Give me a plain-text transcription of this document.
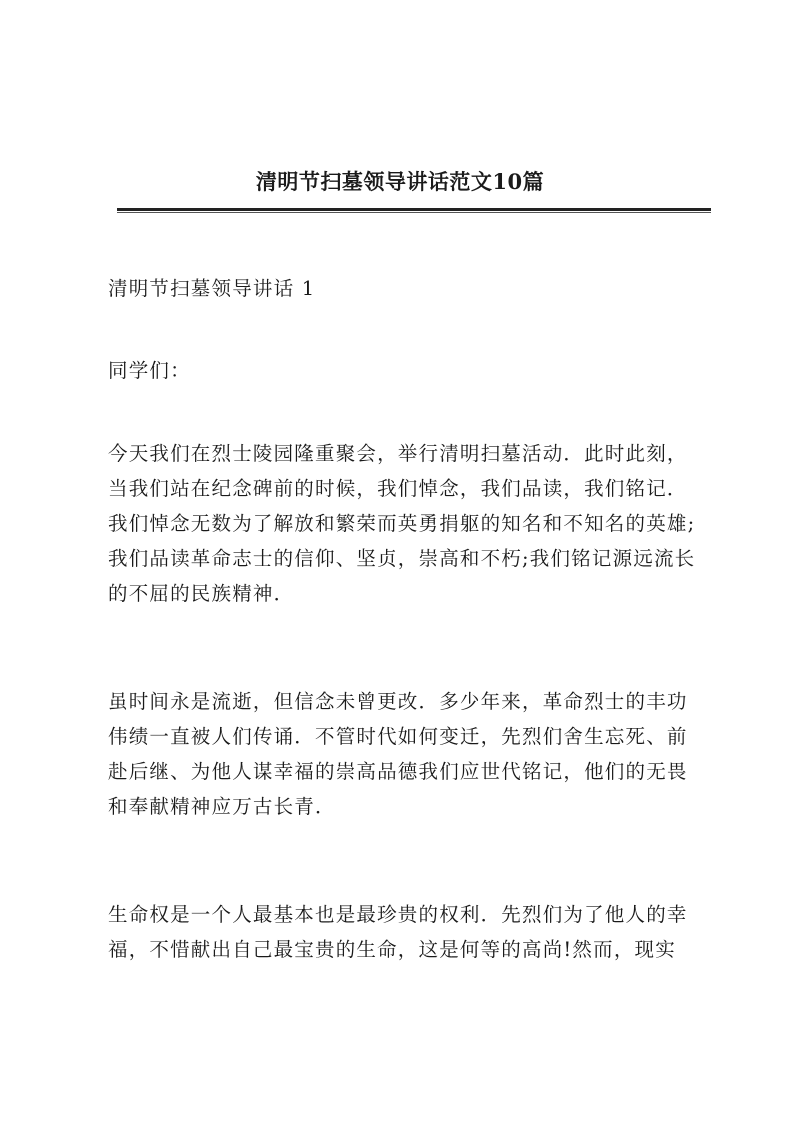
清明节扫墓领导讲话范文10篇

清明节扫墓领导讲话 1

同学们：

今天我们在烈士陵园隆重聚会，举行清明扫墓活动．此时此刻，当我们站在纪念碑前的时候，我们悼念，我们品读，我们铭记．我们悼念无数为了解放和繁荣而英勇捐躯的知名和不知名的英雄;我们品读革命志士的信仰、坚贞，崇高和不朽;我们铭记源远流长的不屈的民族精神．

虽时间永是流逝，但信念未曾更改．多少年来，革命烈士的丰功伟绩一直被人们传诵．不管时代如何变迁，先烈们舍生忘死、前赴后继、为他人谋幸福的崇高品德我们应世代铭记，他们的无畏和奉献精神应万古长青．

生命权是一个人最基本也是最珍贵的权利．先烈们为了他人的幸福，不惜献出自己最宝贵的生命，这是何等的高尚!然而，现实
